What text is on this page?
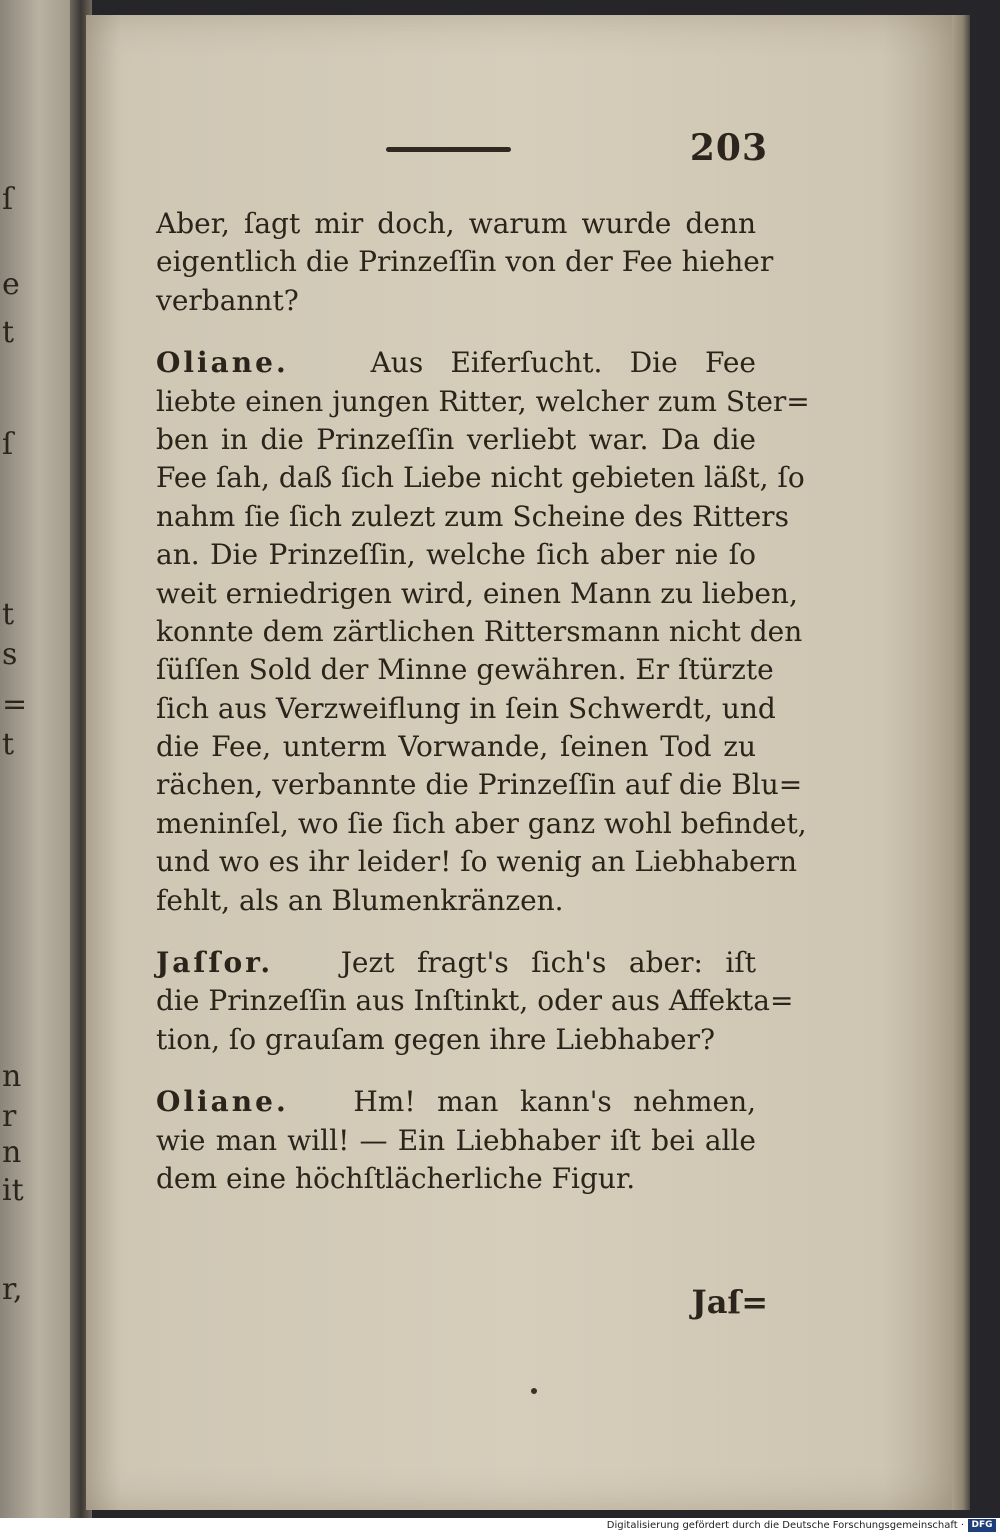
ſ
e
t
ſ
t
s
=
t
n
r
n
it
r,
203

Aber, ſagt mir doch, warum wurde denn
eigentlich die Prinzeſſin von der Fee hieher
verbannt?

Oliane.	Aus Eiferſucht. Die Fee
liebte einen jungen Ritter, welcher zum Ster=
ben in die Prinzeſſin verliebt war. Da die
Fee ſah, daß ſich Liebe nicht gebieten läßt, ſo
nahm ſie ſich zulezt zum Scheine des Ritters
an. Die Prinzeſſin, welche ſich aber nie ſo
weit erniedrigen wird, einen Mann zu lieben,
konnte dem zärtlichen Rittersmann nicht den
ſüſſen Sold der Minne gewähren. Er ſtürzte
ſich aus Verzweiflung in ſein Schwerdt, und
die Fee, unterm Vorwande, ſeinen Tod zu
rächen, verbannte die Prinzeſſin auf die Blu=
meninſel, wo ſie ſich aber ganz wohl befindet,
und wo es ihr leider! ſo wenig an Liebhabern
fehlt, als an Blumenkränzen.

Jaſſor. Jezt fragt's ſich's aber: iſt
die Prinzeſſin aus Inſtinkt, oder aus Affekta=
tion, ſo grauſam gegen ihre Liebhaber?

Oliane. Hm! man kann's nehmen,
wie man will! — Ein Liebhaber iſt bei alle
dem eine höchſtlächerliche Figur.

Jaſ=
Digitalisierung gefördert durch die Deutsche Forschungsgemeinschaft · DFG
